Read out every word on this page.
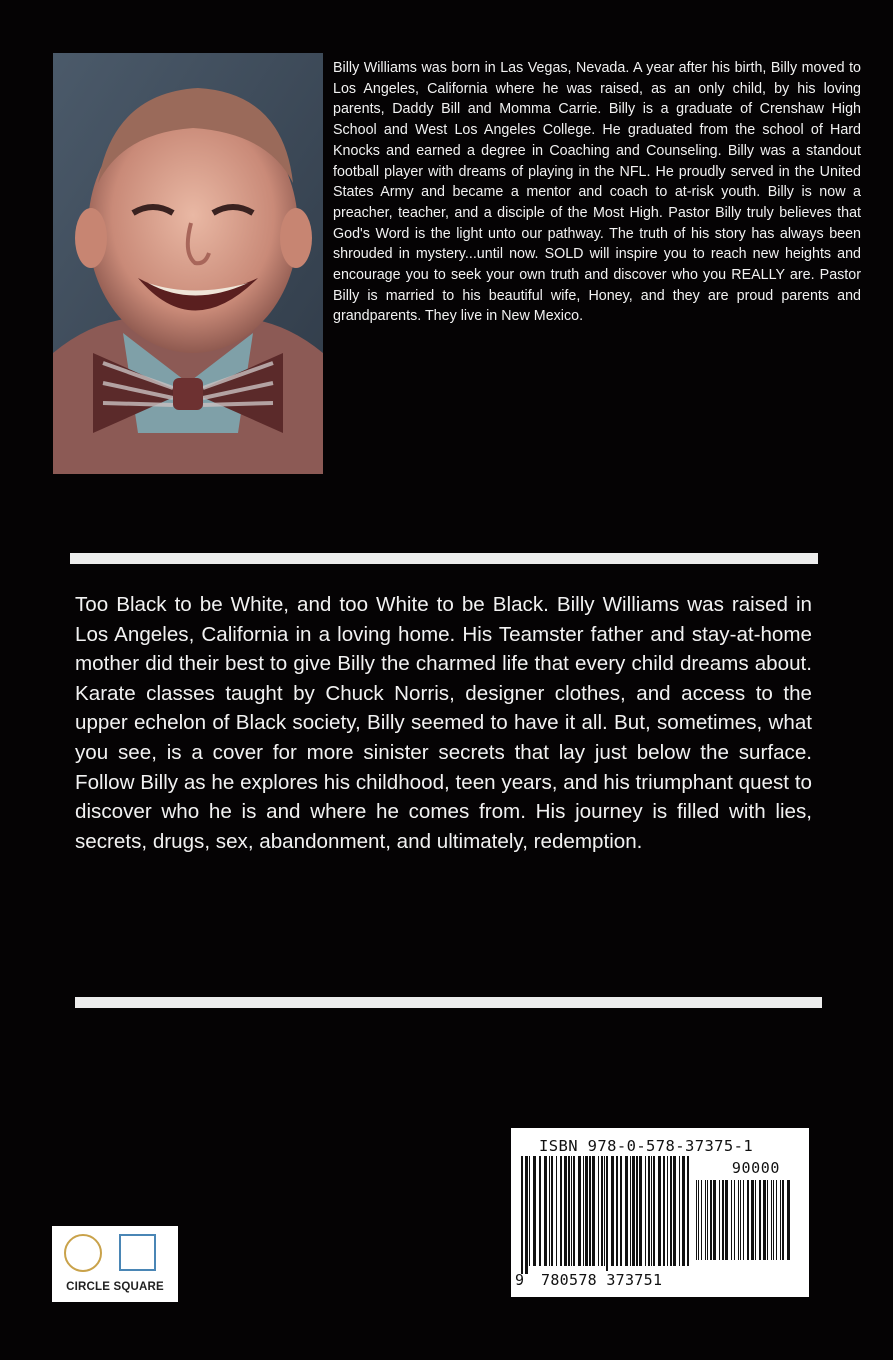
Billy Williams was born in Las Vegas, Nevada. A year after his birth, Billy moved to Los Angeles, California where he was raised, as an only child, by his loving parents, Daddy Bill and Momma Carrie. Billy is a graduate of Crenshaw High School and West Los Angeles College. He graduated from the school of Hard Knocks and earned a degree in Coaching and Counseling. Billy was a standout football player with dreams of playing in the NFL. He proudly served in the United States Army and became a mentor and coach to at-risk youth. Billy is now a preacher, teacher, and a disciple of the Most High. Pastor Billy truly believes that God's Word is the light unto our pathway. The truth of his story has always been shrouded in mystery...until now. SOLD will inspire you to reach new heights and encourage you to seek your own truth and discover who you REALLY are. Pastor Billy is married to his beautiful wife, Honey, and they are proud parents and grandparents. They live in New Mexico.

Too Black to be White, and too White to be Black. Billy Williams was raised in Los Angeles, California in a loving home. His Teamster father and stay-at-home mother did their best to give Billy the charmed life that every child dreams about. Karate classes taught by Chuck Norris, designer clothes, and access to the upper echelon of Black society, Billy seemed to have it all. But, sometimes, what you see, is a cover for more sinister secrets that lay just below the surface. Follow Billy as he explores his childhood, teen years, and his triumphant quest to discover who he is and where he comes from. His journey is filled with lies, secrets, drugs, sex, abandonment, and ultimately, redemption.

ISBN 978-0-578-37375-1
90000
9 780578 373751
CIRCLE SQUARE
